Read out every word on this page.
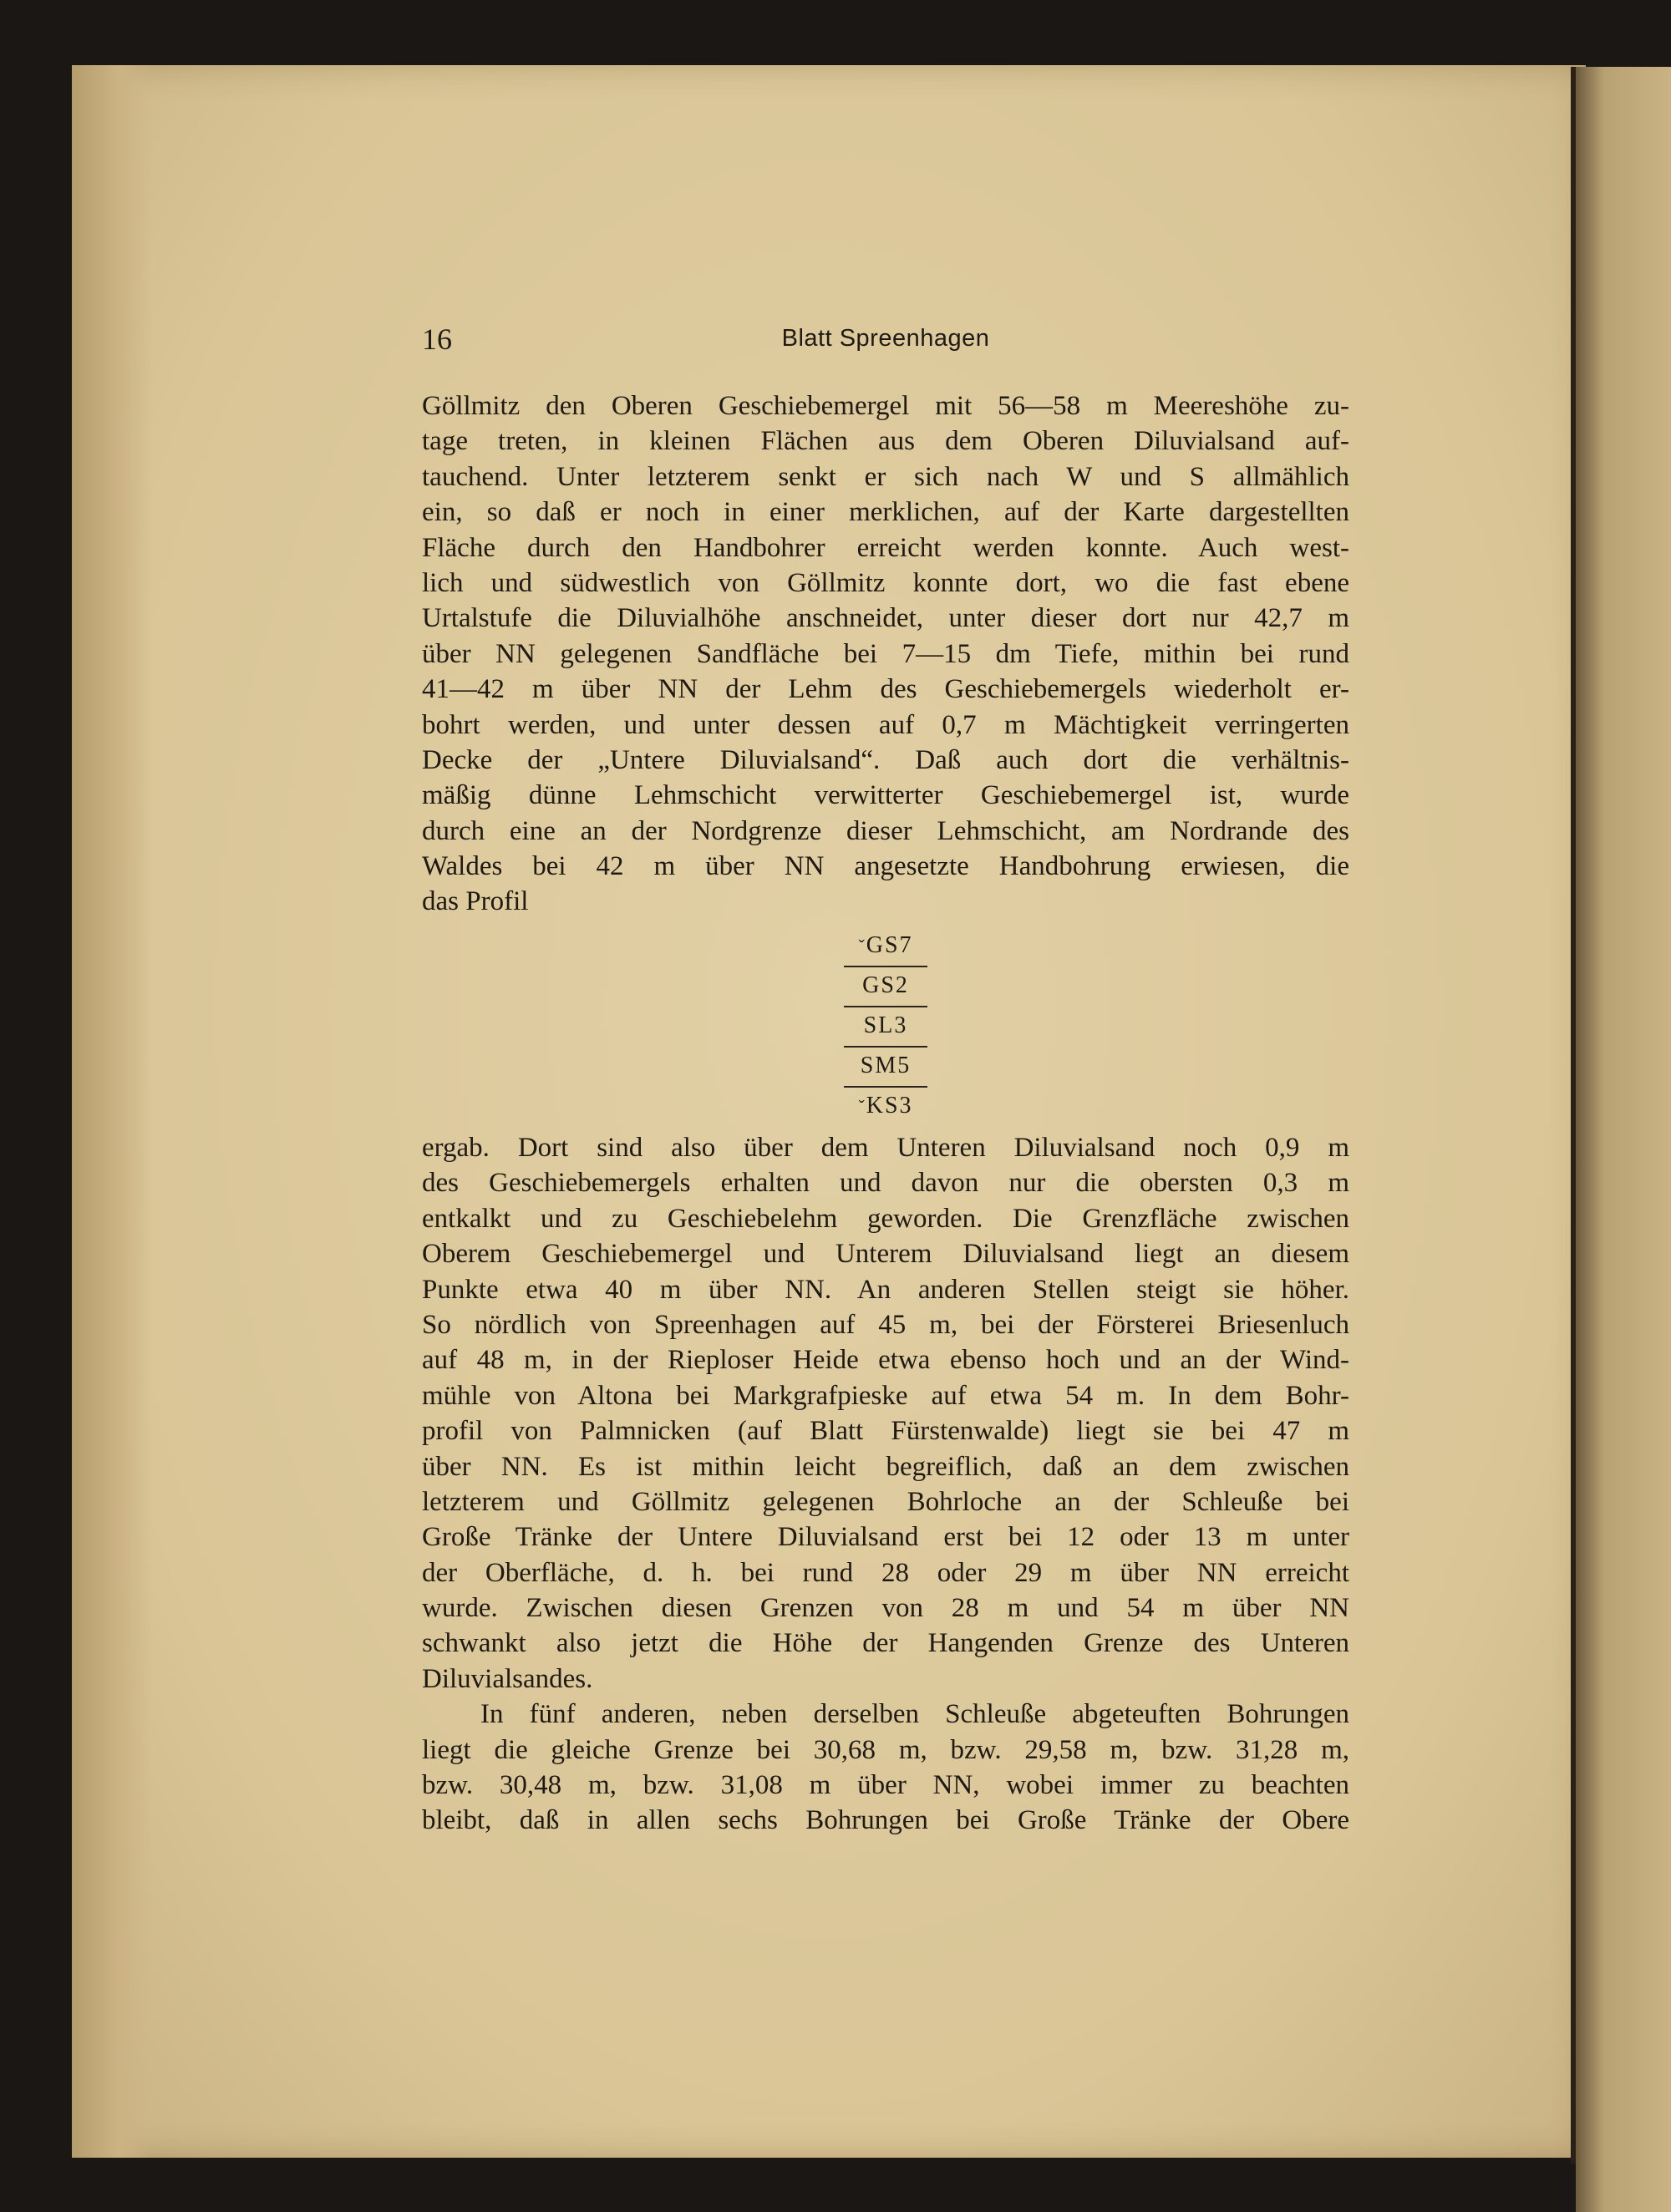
16	Blatt Spreenhagen
Göllmitz den Oberen Geschiebemergel mit 56—58 m Meereshöhe zu-
tage treten, in kleinen Flächen aus dem Oberen Diluvialsand auf-
tauchend. Unter letzterem senkt er sich nach W und S allmählich
ein, so daß er noch in einer merklichen, auf der Karte dargestellten
Fläche durch den Handbohrer erreicht werden konnte. Auch west-
lich und südwestlich von Göllmitz konnte dort, wo die fast ebene
Urtalstufe die Diluvialhöhe anschneidet, unter dieser dort nur 42,7 m
über NN gelegenen Sandfläche bei 7—15 dm Tiefe, mithin bei rund
41—42 m über NN der Lehm des Geschiebemergels wiederholt er-
bohrt werden, und unter dessen auf 0,7 m Mächtigkeit verringerten
Decke der „Untere Diluvialsand“. Daß auch dort die verhältnis-
mäßig dünne Lehmschicht verwitterter Geschiebemergel ist, wurde
durch eine an der Nordgrenze dieser Lehmschicht, am Nordrande des
Waldes bei 42 m über NN angesetzte Handbohrung erwiesen, die
das Profil
ˇGS7
GS2
SL3
SM5
ˇKS3
ergab. Dort sind also über dem Unteren Diluvialsand noch 0,9 m
des Geschiebemergels erhalten und davon nur die obersten 0,3 m
entkalkt und zu Geschiebelehm geworden. Die Grenzfläche zwischen
Oberem Geschiebemergel und Unterem Diluvialsand liegt an diesem
Punkte etwa 40 m über NN. An anderen Stellen steigt sie höher.
So nördlich von Spreenhagen auf 45 m, bei der Försterei Briesenluch
auf 48 m, in der Rieploser Heide etwa ebenso hoch und an der Wind-
mühle von Altona bei Markgrafpieske auf etwa 54 m. In dem Bohr-
profil von Palmnicken (auf Blatt Fürstenwalde) liegt sie bei 47 m
über NN. Es ist mithin leicht begreiflich, daß an dem zwischen
letzterem und Göllmitz gelegenen Bohrloche an der Schleuße bei
Große Tränke der Untere Diluvialsand erst bei 12 oder 13 m unter
der Oberfläche, d. h. bei rund 28 oder 29 m über NN erreicht
wurde. Zwischen diesen Grenzen von 28 m und 54 m über NN
schwankt also jetzt die Höhe der Hangenden Grenze des Unteren
Diluvialsandes.
In fünf anderen, neben derselben Schleuße abgeteuften Bohrungen
liegt die gleiche Grenze bei 30,68 m, bzw. 29,58 m, bzw. 31,28 m,
bzw. 30,48 m, bzw. 31,08 m über NN, wobei immer zu beachten
bleibt, daß in allen sechs Bohrungen bei Große Tränke der Obere
